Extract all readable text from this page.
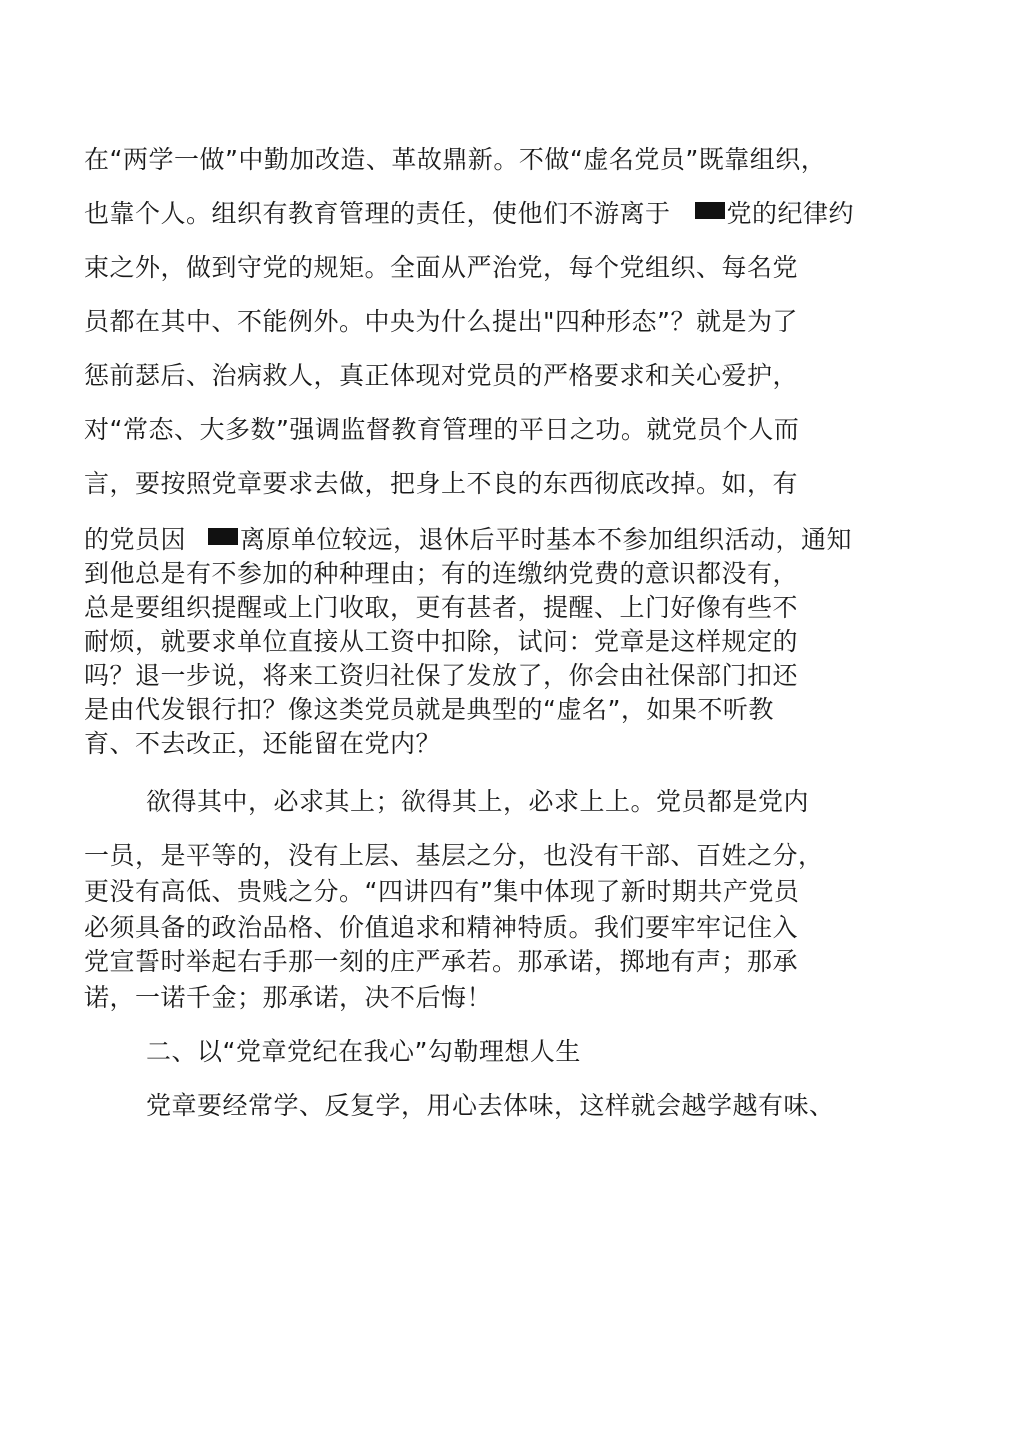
在“两学一做”中勤加改造、革故鼎新。不做“虚名党员”既靠组织，
也靠个人。组织有教育管理的责任，使他们不游离于 党的纪律约
束之外，做到守党的规矩。全面从严治党，每个党组织、每名党
员都在其中、不能例外。中央为什么提出"四种形态”？就是为了
惩前瑟后、治病救人，真正体现对党员的严格要求和关心爱护，
对“常态、大多数”强调监督教育管理的平日之功。就党员个人而
言，要按照党章要求去做，把身上不良的东西彻底改掉。如，有
的党员因 离原单位较远，退休后平时基本不参加组织活动，通知
到他总是有不参加的种种理由；有的连缴纳党费的意识都没有，
总是要组织提醒或上门收取，更有甚者，提醒、上门好像有些不
耐烦，就要求单位直接从工资中扣除，试问：党章是这样规定的
吗？退一步说，将来工资归社保了发放了，你会由社保部门扣还
是由代发银行扣？像这类党员就是典型的“虚名”，如果不听教
育、不去改正，还能留在党内？
欲得其中，必求其上；欲得其上，必求上上。党员都是党内
一员，是平等的，没有上层、基层之分，也没有干部、百姓之分，
更没有高低、贵贱之分。“四讲四有”集中体现了新时期共产党员
必须具备的政治品格、价值追求和精神特质。我们要牢牢记住入
党宣誓时举起右手那一刻的庄严承若。那承诺，掷地有声；那承
诺，一诺千金；那承诺，决不后悔！
二、以“党章党纪在我心”勾勒理想人生
党章要经常学、反复学，用心去体味，这样就会越学越有味、
